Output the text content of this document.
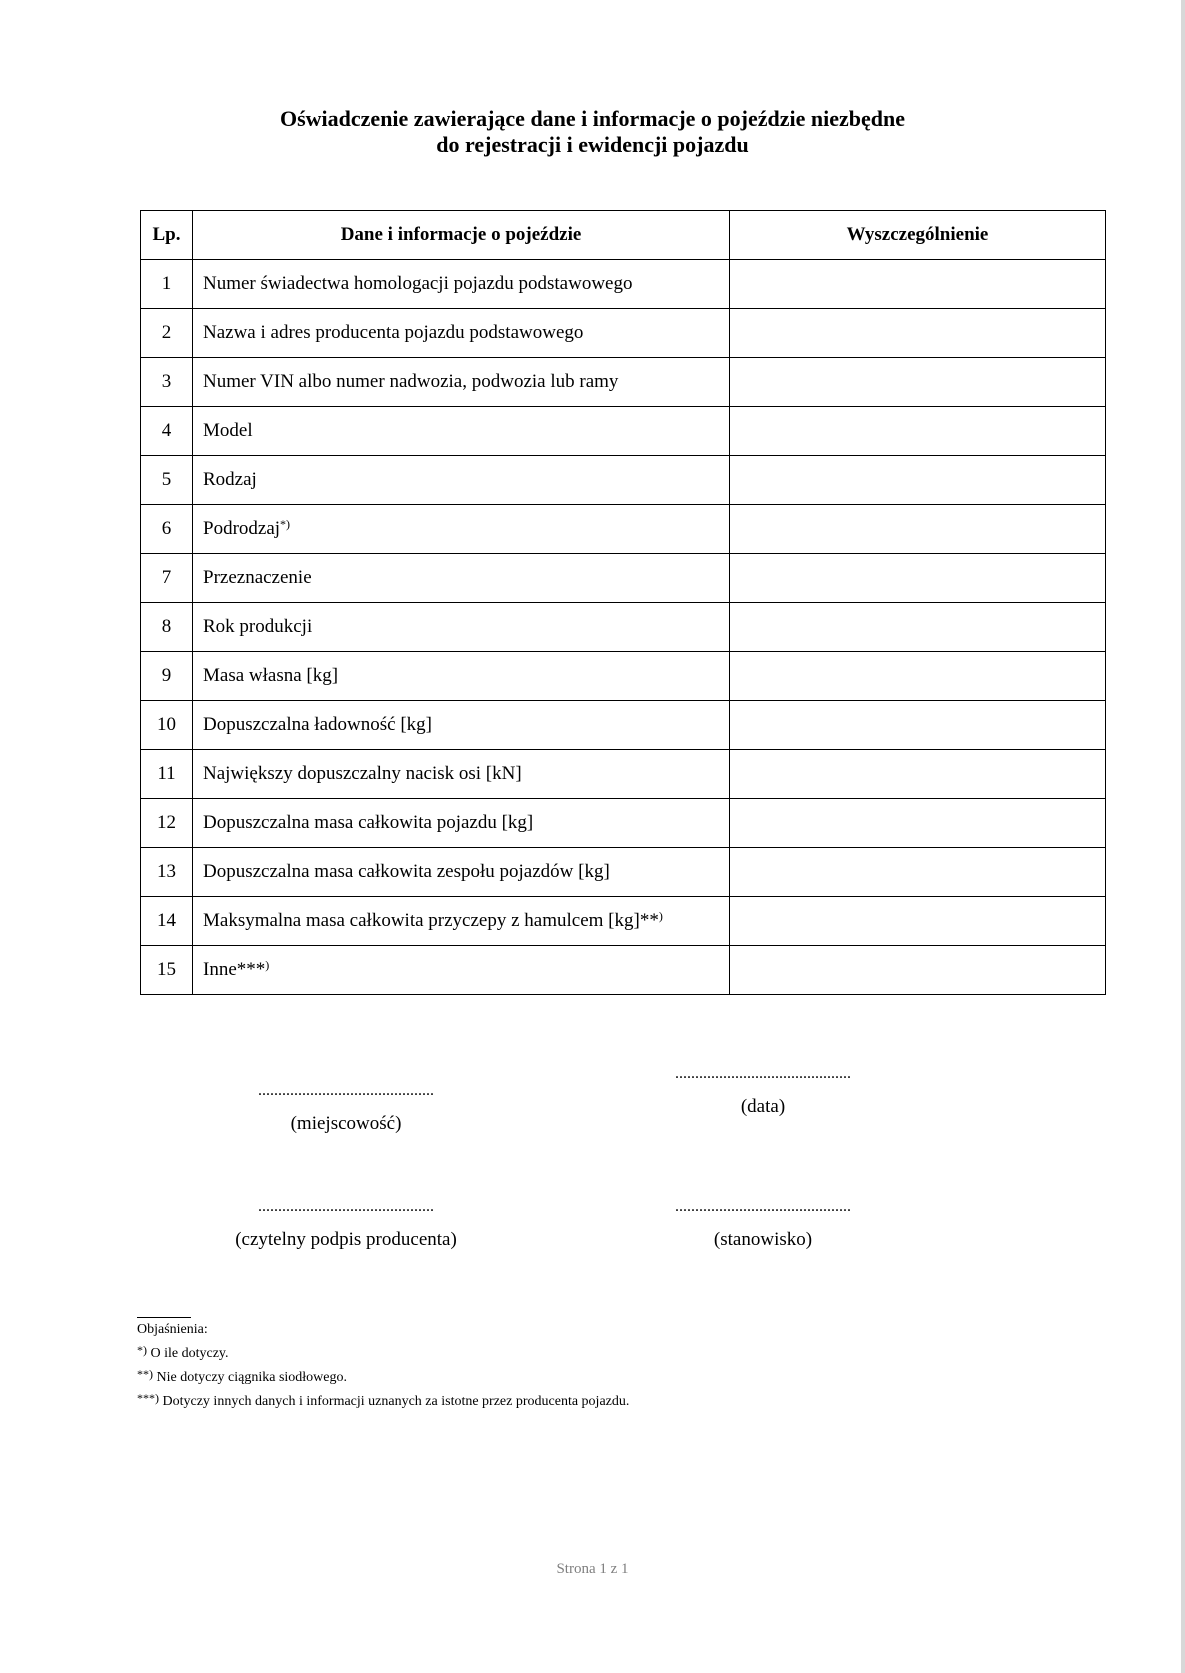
Oświadczenie zawierające dane i informacje o pojeździe niezbędne
do rejestracji i ewidencji pojazdu
Lp.	Dane i informacje o pojeździe	Wyszczególnienie
1	Numer świadectwa homologacji pojazdu podstawowego	
2	Nazwa i adres producenta pojazdu podstawowego	
3	Numer VIN albo numer nadwozia, podwozia lub ramy	
4	Model	
5	Rodzaj	
6	Podrodzaj*)	
7	Przeznaczenie	
8	Rok produkcji	
9	Masa własna [kg]	
10	Dopuszczalna ładowność [kg]	
11	Największy dopuszczalny nacisk osi [kN]	
12	Dopuszczalna masa całkowita pojazdu [kg]	
13	Dopuszczalna masa całkowita zespołu pojazdów [kg]	
14	Maksymalna masa całkowita przyczepy z hamulcem [kg]**)	
15	Inne***)	
............................................
(miejscowość)
............................................
(data)
............................................
(czytelny podpis producenta)
............................................
(stanowisko)
Objaśnienia:
*) O ile dotyczy.
**) Nie dotyczy ciągnika siodłowego.
***) Dotyczy innych danych i informacji uznanych za istotne przez producenta pojazdu.
Strona 1 z 1
